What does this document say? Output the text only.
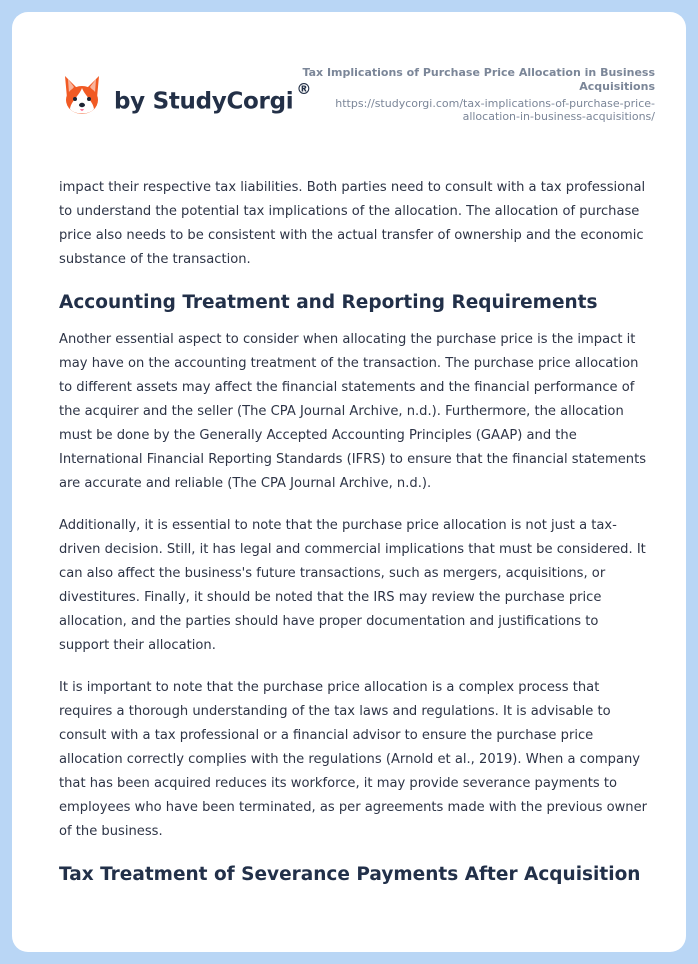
by StudyCorgi ®
Tax Implications of Purchase Price Allocation in Business Acquisitions
https://studycorgi.com/tax-implications-of-purchase-price-allocation-in-business-acquisitions/

impact their respective tax liabilities. Both parties need to consult with a tax professional to understand the potential tax implications of the allocation. The allocation of purchase price also needs to be consistent with the actual transfer of ownership and the economic substance of the transaction.

Accounting Treatment and Reporting Requirements

Another essential aspect to consider when allocating the purchase price is the impact it may have on the accounting treatment of the transaction. The purchase price allocation to different assets may affect the financial statements and the financial performance of the acquirer and the seller (The CPA Journal Archive, n.d.). Furthermore, the allocation must be done by the Generally Accepted Accounting Principles (GAAP) and the International Financial Reporting Standards (IFRS) to ensure that the financial statements are accurate and reliable (The CPA Journal Archive, n.d.).

Additionally, it is essential to note that the purchase price allocation is not just a tax-driven decision. Still, it has legal and commercial implications that must be considered. It can also affect the business's future transactions, such as mergers, acquisitions, or divestitures. Finally, it should be noted that the IRS may review the purchase price allocation, and the parties should have proper documentation and justifications to support their allocation.

It is important to note that the purchase price allocation is a complex process that requires a thorough understanding of the tax laws and regulations. It is advisable to consult with a tax professional or a financial advisor to ensure the purchase price allocation correctly complies with the regulations (Arnold et al., 2019). When a company that has been acquired reduces its workforce, it may provide severance payments to employees who have been terminated, as per agreements made with the previous owner of the business.

Tax Treatment of Severance Payments After Acquisition
